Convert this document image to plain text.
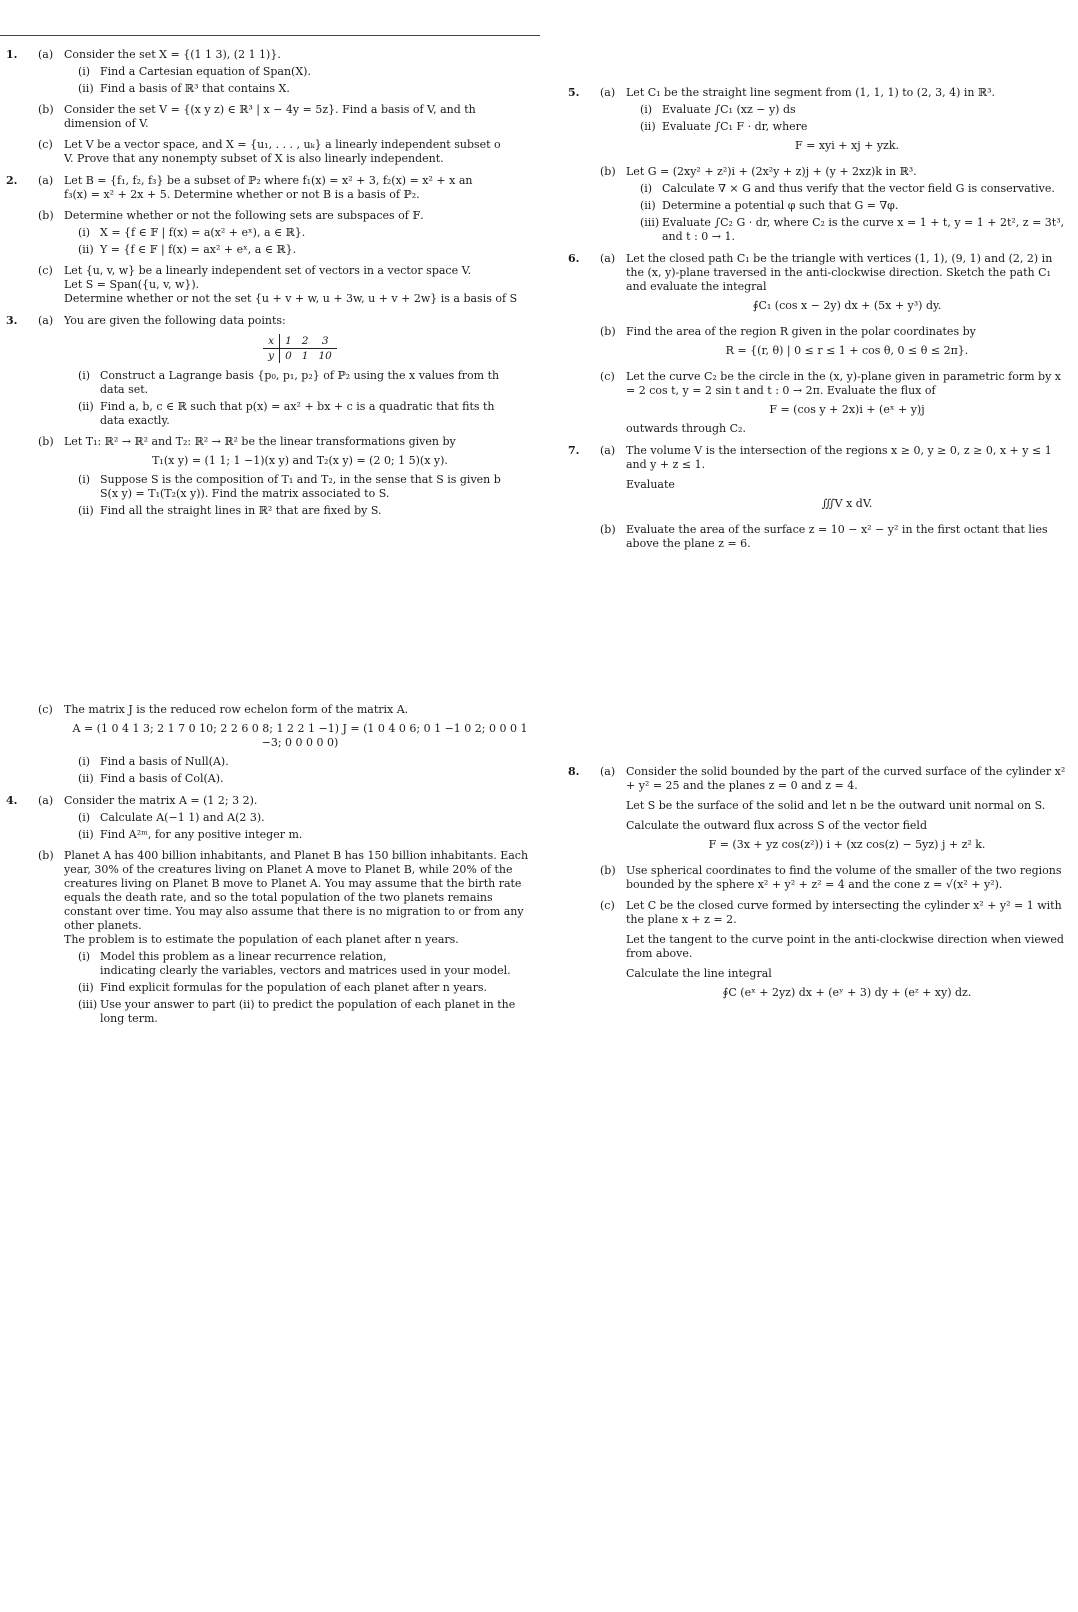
1. (a) Consider the set X = {(1 1 3), (2 1 1)}.
(i) Find a Cartesian equation of Span(X).
(ii) Find a basis of ℝ³ that contains X.
(b) Consider the set V = {(x y z) ∈ ℝ³ | x − 4y = 5z}. Find a basis of V, and th
dimension of V.
(c)	Let V be a vector space, and X = {u₁, . . . , uₖ} a linearly independent subset o
V. Prove that any nonempty subset of X is also linearly independent.
2. (a) Let B = {f₁, f₂, f₃} be a subset of ℙ₂ where f₁(x) = x² + 3, f₂(x) = x² + x an
f₃(x) = x² + 2x + 5. Determine whether or not B is a basis of ℙ₂.
(b) Determine whether or not the following sets are subspaces of 𝔽.
(i) X = {f ∈ 𝔽 | f(x) = a(x² + eˣ), a ∈ ℝ}.
(ii) Y = {f ∈ 𝔽 | f(x) = ax² + eˣ, a ∈ ℝ}.
(c)	Let {u, v, w} be a linearly independent set of vectors in a vector space V.
Let S = Span({u, v, w}).
Determine whether or not the set {u + v + w, u + 3w, u + v + 2w} is a basis of S
3. (a) You are given the following data points:
x	1	2	3
y	0	1	10
(i) Construct a Lagrange basis {p₀, p₁, p₂} of ℙ₂ using the x values from th
data set.
(ii) Find a, b, c ∈ ℝ such that p(x) = ax² + bx + c is a quadratic that fits th
data exactly.
(b) Let T₁: ℝ² → ℝ² and T₂: ℝ² → ℝ² be the linear transformations given by
T₁(x y) = (1 1; 1 −1)(x y) and T₂(x y) = (2 0; 1 5)(x y).
(i) Suppose S is the composition of T₁ and T₂, in the sense that S is given b
S(x y) = T₁(T₂(x y)). Find the matrix associated to S.
(ii) Find all the straight lines in ℝ² that are fixed by S.
(c)	The matrix J is the reduced row echelon form of the matrix A.
A = (1 0 4 1 3; 2 1 7 0 10; 2 2 6 0 8; 1 2 2 1 −1) J = (1 0 4 0 6; 0 1 −1 0 2; 0 0 0 1 −3; 0 0 0 0 0)
(i) Find a basis of Null(A).
(ii) Find a basis of Col(A).
4. (a) Consider the matrix A = (1 2; 3 2).
(i) Calculate A(−1 1) and A(2 3).
(ii) Find A²ᵐ, for any positive integer m.
(b) Planet A has 400 billion inhabitants, and Planet B has 150 billion inhabitants. Each year, 30% of the creatures living on Planet A move to Planet B, while 20% of the creatures living on Planet B move to Planet A. You may assume that the birth rate equals the death rate, and so the total population of the two planets remains constant over time. You may also assume that there is no migration to or from any other planets.
The problem is to estimate the population of each planet after n years.
(i) Model this problem as a linear recurrence relation,
indicating clearly the variables, vectors and matrices used in your model.
(ii) Find explicit formulas for the population of each planet after n years.
(iii) Use your answer to part (ii) to predict the population of each planet in the long term.
5. (a) Let C₁ be the straight line segment from (1, 1, 1) to (2, 3, 4) in ℝ³.
(i) Evaluate ∫C₁ (xz − y) ds
(ii) Evaluate ∫C₁ F · dr, where
F = xyi + xj + yzk.
(b) Let G = (2xy² + z²)i + (2x²y + z)j + (y + 2xz)k in ℝ³.
(i) Calculate ∇ × G and thus verify that the vector field G is conservative.
(ii) Determine a potential φ such that G = ∇φ.
(iii) Evaluate ∫C₂ G · dr, where C₂ is the curve x = 1 + t, y = 1 + 2t², z = 3t³,
and t : 0 → 1.
6. (a) Let the closed path C₁ be the triangle with vertices (1, 1), (9, 1) and (2, 2) in the (x, y)-plane traversed in the anti-clockwise direction. Sketch the path C₁ and evaluate the integral
∮C₁ (cos x − 2y) dx + (5x + y³) dy.
(b) Find the area of the region R given in the polar coordinates by
R = {(r, θ) | 0 ≤ r ≤ 1 + cos θ, 0 ≤ θ ≤ 2π}.
(c)	Let the curve C₂ be the circle in the (x, y)-plane given in parametric form by x = 2 cos t, y = 2 sin t and t : 0 → 2π. Evaluate the flux of
F = (cos y + 2x)i + (eˣ + y)j
outwards through C₂.
7. (a) The volume V is the intersection of the regions x ≥ 0, y ≥ 0, z ≥ 0, x + y ≤ 1 and y + z ≤ 1.
Evaluate
∭V x dV.
(b) Evaluate the area of the surface z = 10 − x² − y² in the first octant that lies above the plane z = 6.
8. (a) Consider the solid bounded by the part of the curved surface of the cylinder x² + y² = 25 and the planes z = 0 and z = 4.
Let S be the surface of the solid and let n be the outward unit normal on S.
Calculate the outward flux across S of the vector field
F = (3x + yz cos(z²)) i + (xz cos(z) − 5yz) j + z² k.
(b) Use spherical coordinates to find the volume of the smaller of the two regions bounded by the sphere x² + y² + z² = 4 and the cone z = √(x² + y²).
(c)	Let C be the closed curve formed by intersecting the cylinder x² + y² = 1 with the plane x + z = 2.
Let the tangent to the curve point in the anti-clockwise direction when viewed from above.
Calculate the line integral
∮C (eˣ + 2yz) dx + (eʸ + 3) dy + (eᶻ + xy) dz.
